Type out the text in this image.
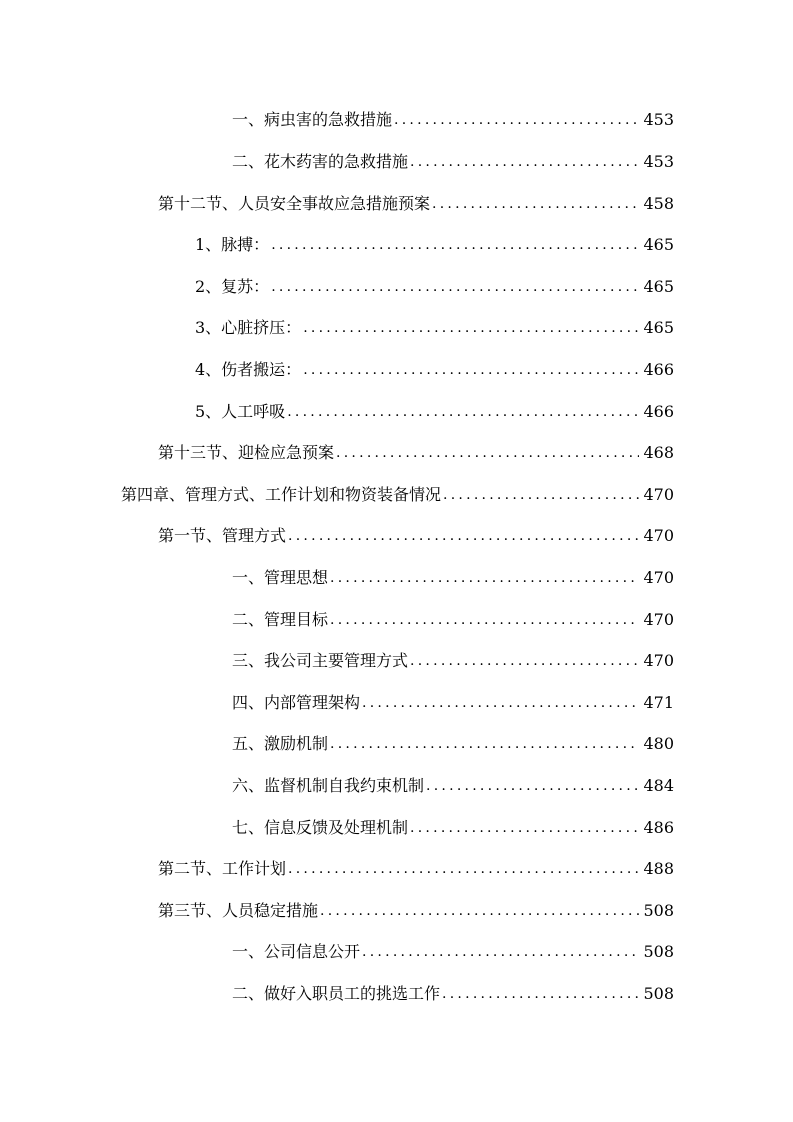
一、病虫害的急救措施 . . .	453
二、花木药害的急救措施 . . .	453
第十二节、人员安全事故应急措施预案 . . .	458
1、脉搏： . . .	465
2、复苏： . . .	465
3、心脏挤压： . . .	465
4、伤者搬运： . . .	466
5、人工呼吸 . . .	466
第十三节、迎检应急预案 . . .	468
第四章、管理方式、工作计划和物资装备情况 . . .	470
第一节、管理方式 . . .	470
一、管理思想 . . .	470
二、管理目标 . . .	470
三、我公司主要管理方式 . . .	470
四、内部管理架构 . . .	471
五、激励机制 . . .	480
六、监督机制自我约束机制 . . .	484
七、信息反馈及处理机制 . . .	486
第二节、工作计划 . . .	488
第三节、人员稳定措施 . . .	508
一、公司信息公开 . . .	508
二、做好入职员工的挑选工作 . . .	508
